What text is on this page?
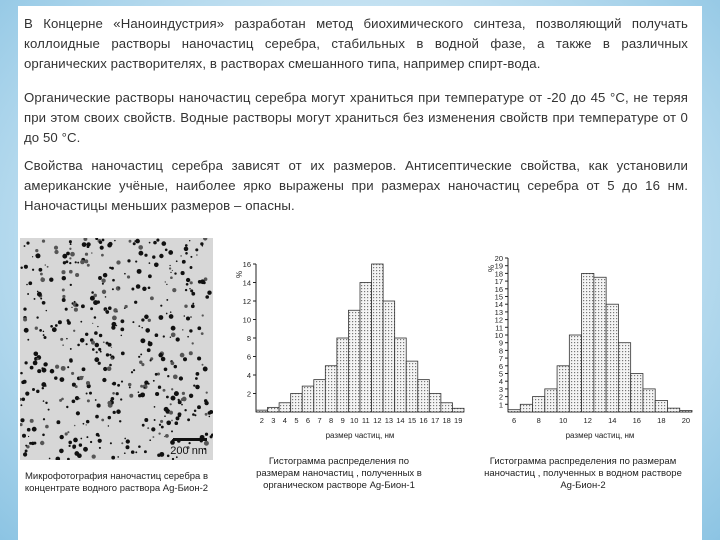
В Концерне «Наноиндустрия» разработан метод биохимического синтеза, позволяющий получать коллоидные растворы наночастиц серебра, стабильных в водной фазе, а также в различных органических растворителях, в растворах смешанного типа, например спирт-вода.
Органические растворы наночастиц серебра могут храниться при температуре от -20 до 45 °С, не теряя при этом своих свойств. Водные растворы могут храниться без изменения свойств при температуре от 0 до 50 °С.
Свойства наночастиц серебра зависят от их размеров. Антисептические свойства, как установили американские учёные, наиболее ярко выражены при размерах наночастиц серебра от 5 до 16 нм. Наночастицы меньших размеров – опасны.
200 nm
Микрофотография наночастиц серебра в концентрате водного раствора Ag-Бион-2
2
4
6
8
10
12
14
16
%
2 3 4 5 6 7 8 9 10 11 12 13 14 15 16 17 18 19
размер частиц, нм
Гистограмма распределения по размерам наночастиц , полученных в органическом растворе Ag-Бион-1
1
2
3
4
5
6
7
8
9
10
11
12
13
14
15
16
17
18
19
20
%
6	8 10 12 14 16 18 20
размер частиц, нм
Гистограмма распределения по размерам наночастиц , полученных в водном растворе Ag-Бион-2
